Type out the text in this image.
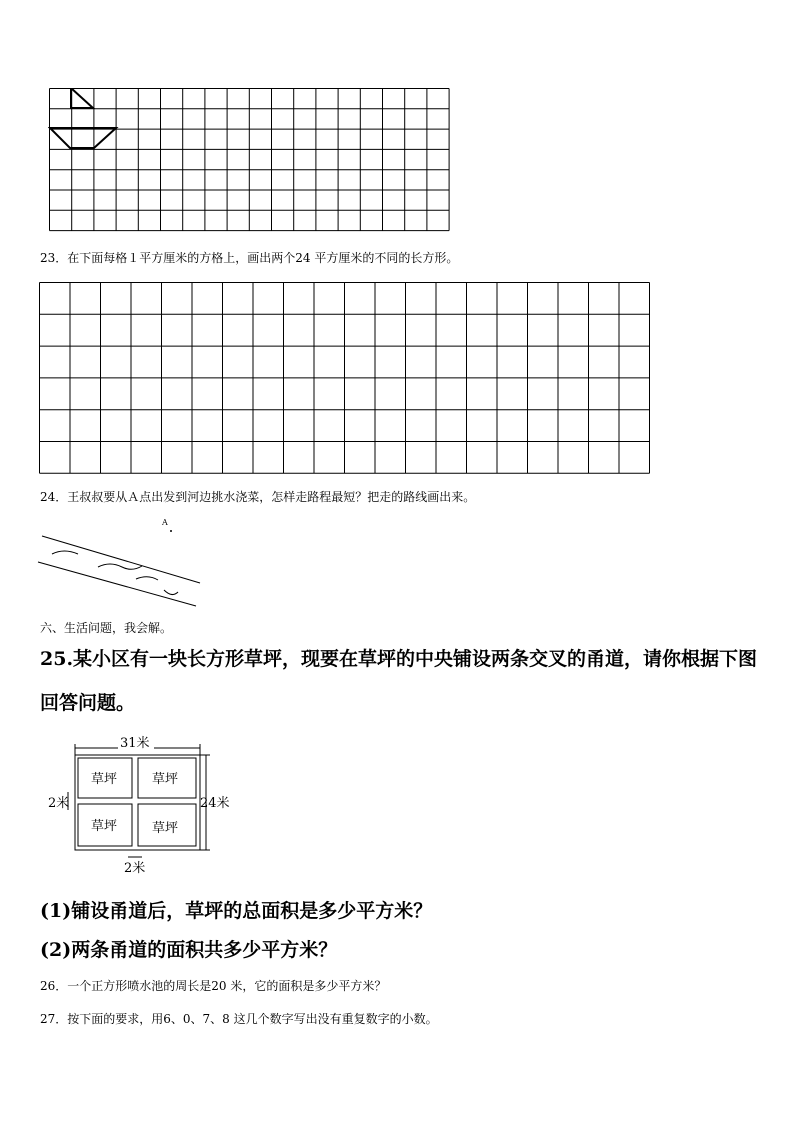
23．在下面每格１平方厘米的方格上，画出两个24 平方厘米的不同的长方形。
24．王叔叔要从Ａ点出发到河边挑水浇菜，怎样走路程最短？把走的路线画出来。
A
六、生活问题，我会解。
25.某小区有一块长方形草坪，现要在草坪的中央铺设两条交叉的甬道，请你根据下图
回答问题。
草坪	草坪
草坪	草坪
31米
24米
2米
2米
(1)铺设甬道后，草坪的总面积是多少平方米？
(2)两条甬道的面积共多少平方米？
26．一个正方形喷水池的周长是20 米，它的面积是多少平方米？
27．按下面的要求，用6、0、7、8 这几个数字写出没有重复数字的小数。
